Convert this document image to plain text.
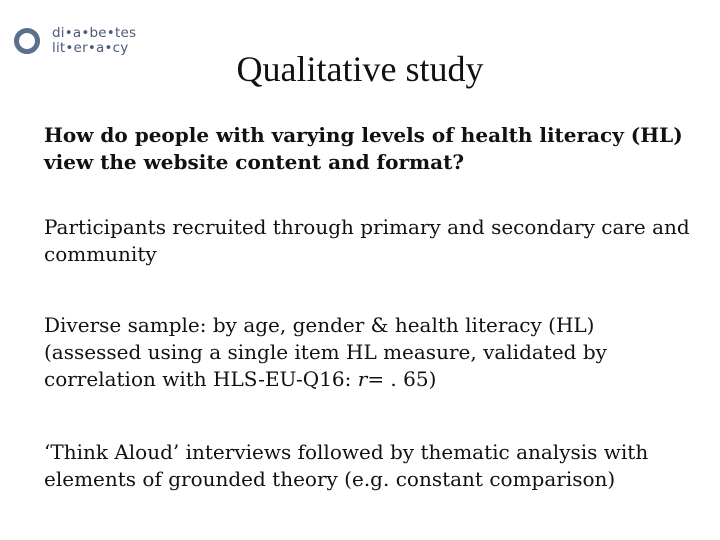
di•a•be•tes
lit•er•a•cy
Qualitative study

How do people with varying levels of health literacy (HL) view the website content and format?

Participants recruited through primary and secondary care and community

Diverse sample: by age, gender & health literacy (HL) (assessed using a single item HL measure, validated by correlation with HLS-EU-Q16: r= . 65)

‘Think Aloud’ interviews followed by thematic analysis with elements of grounded theory (e.g. constant comparison)
